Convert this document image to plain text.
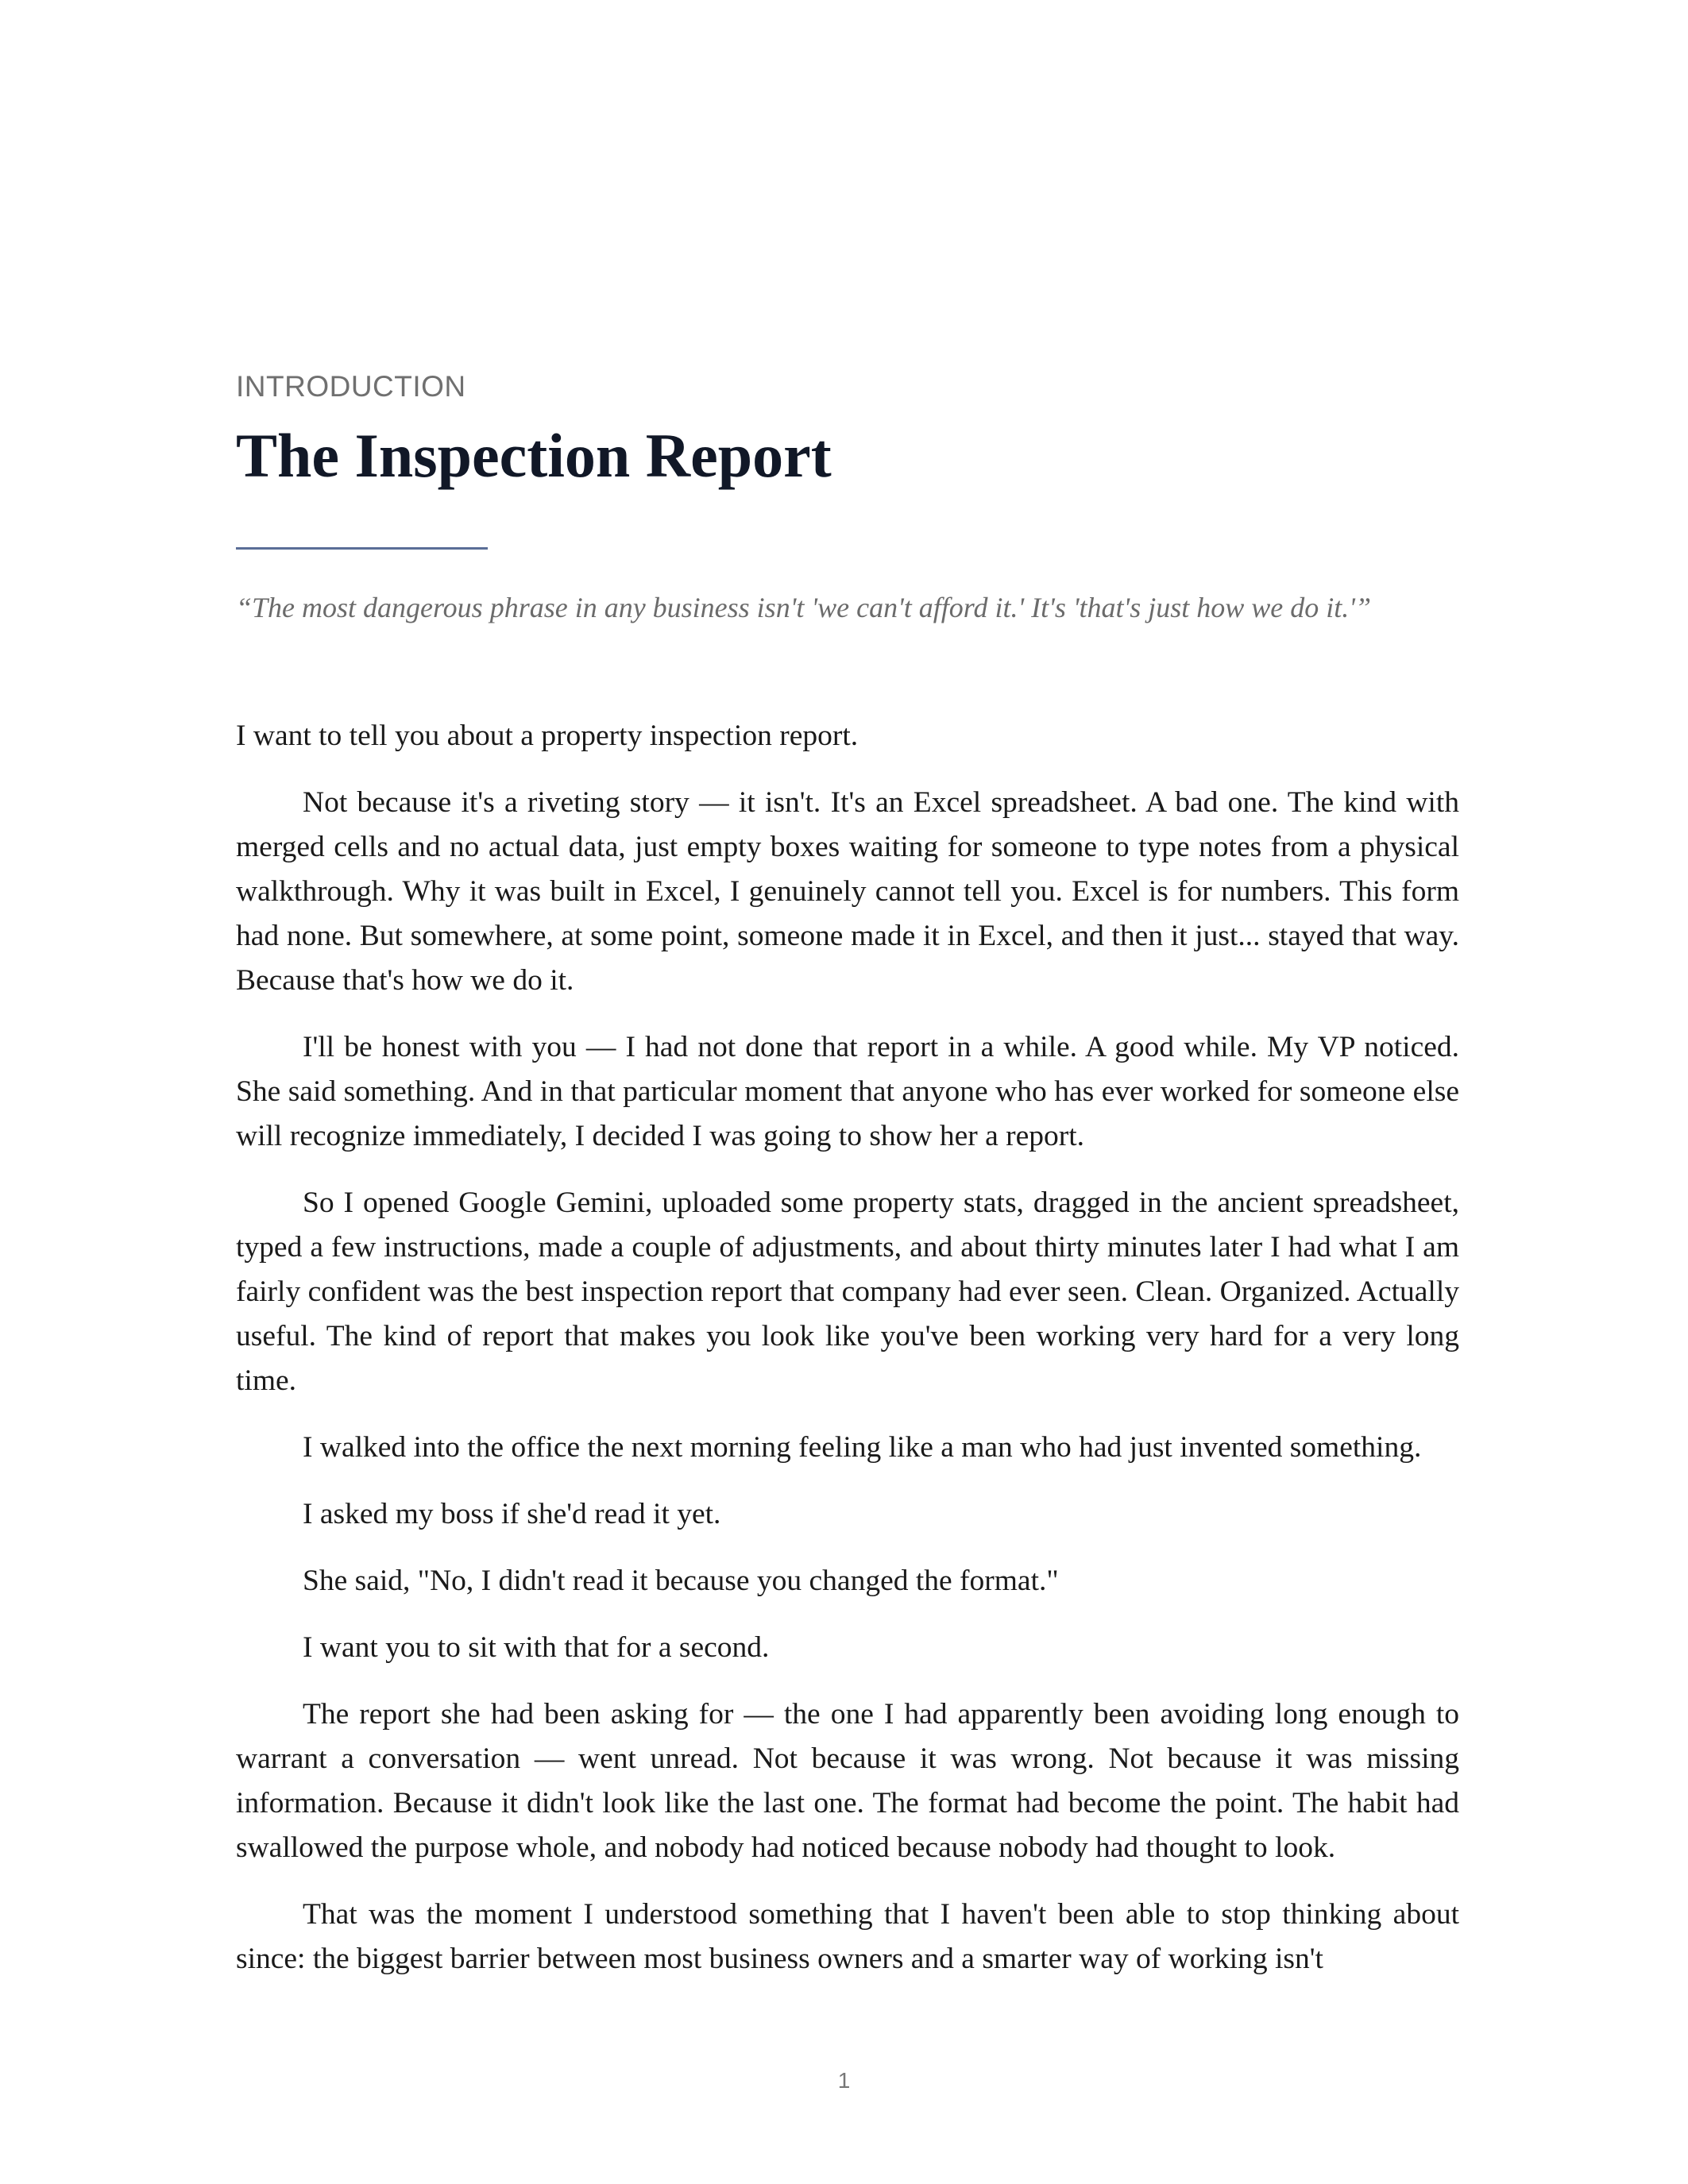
INTRODUCTION

The Inspection Report

“The most dangerous phrase in any business isn't 'we can't afford it.' It's 'that's just how we do it.'”

I want to tell you about a property inspection report.

Not because it's a riveting story — it isn't. It's an Excel spreadsheet. A bad one. The kind with merged cells and no actual data, just empty boxes waiting for someone to type notes from a physical walkthrough. Why it was built in Excel, I genuinely cannot tell you. Excel is for numbers. This form had none. But somewhere, at some point, someone made it in Excel, and then it just... stayed that way. Because that's how we do it.

I'll be honest with you — I had not done that report in a while. A good while. My VP noticed. She said something. And in that particular moment that anyone who has ever worked for someone else will recognize immediately, I decided I was going to show her a report.

So I opened Google Gemini, uploaded some property stats, dragged in the ancient spreadsheet, typed a few instructions, made a couple of adjustments, and about thirty minutes later I had what I am fairly confident was the best inspection report that company had ever seen. Clean. Organized. Actually useful. The kind of report that makes you look like you've been working very hard for a very long time.

I walked into the office the next morning feeling like a man who had just invented something.

I asked my boss if she'd read it yet.

She said, "No, I didn't read it because you changed the format."

I want you to sit with that for a second.

The report she had been asking for — the one I had apparently been avoiding long enough to warrant a conversation — went unread. Not because it was wrong. Not because it was missing information. Because it didn't look like the last one. The format had become the point. The habit had swallowed the purpose whole, and nobody had noticed because nobody had thought to look.

That was the moment I understood something that I haven't been able to stop thinking about since: the biggest barrier between most business owners and a smarter way of working isn't

1
